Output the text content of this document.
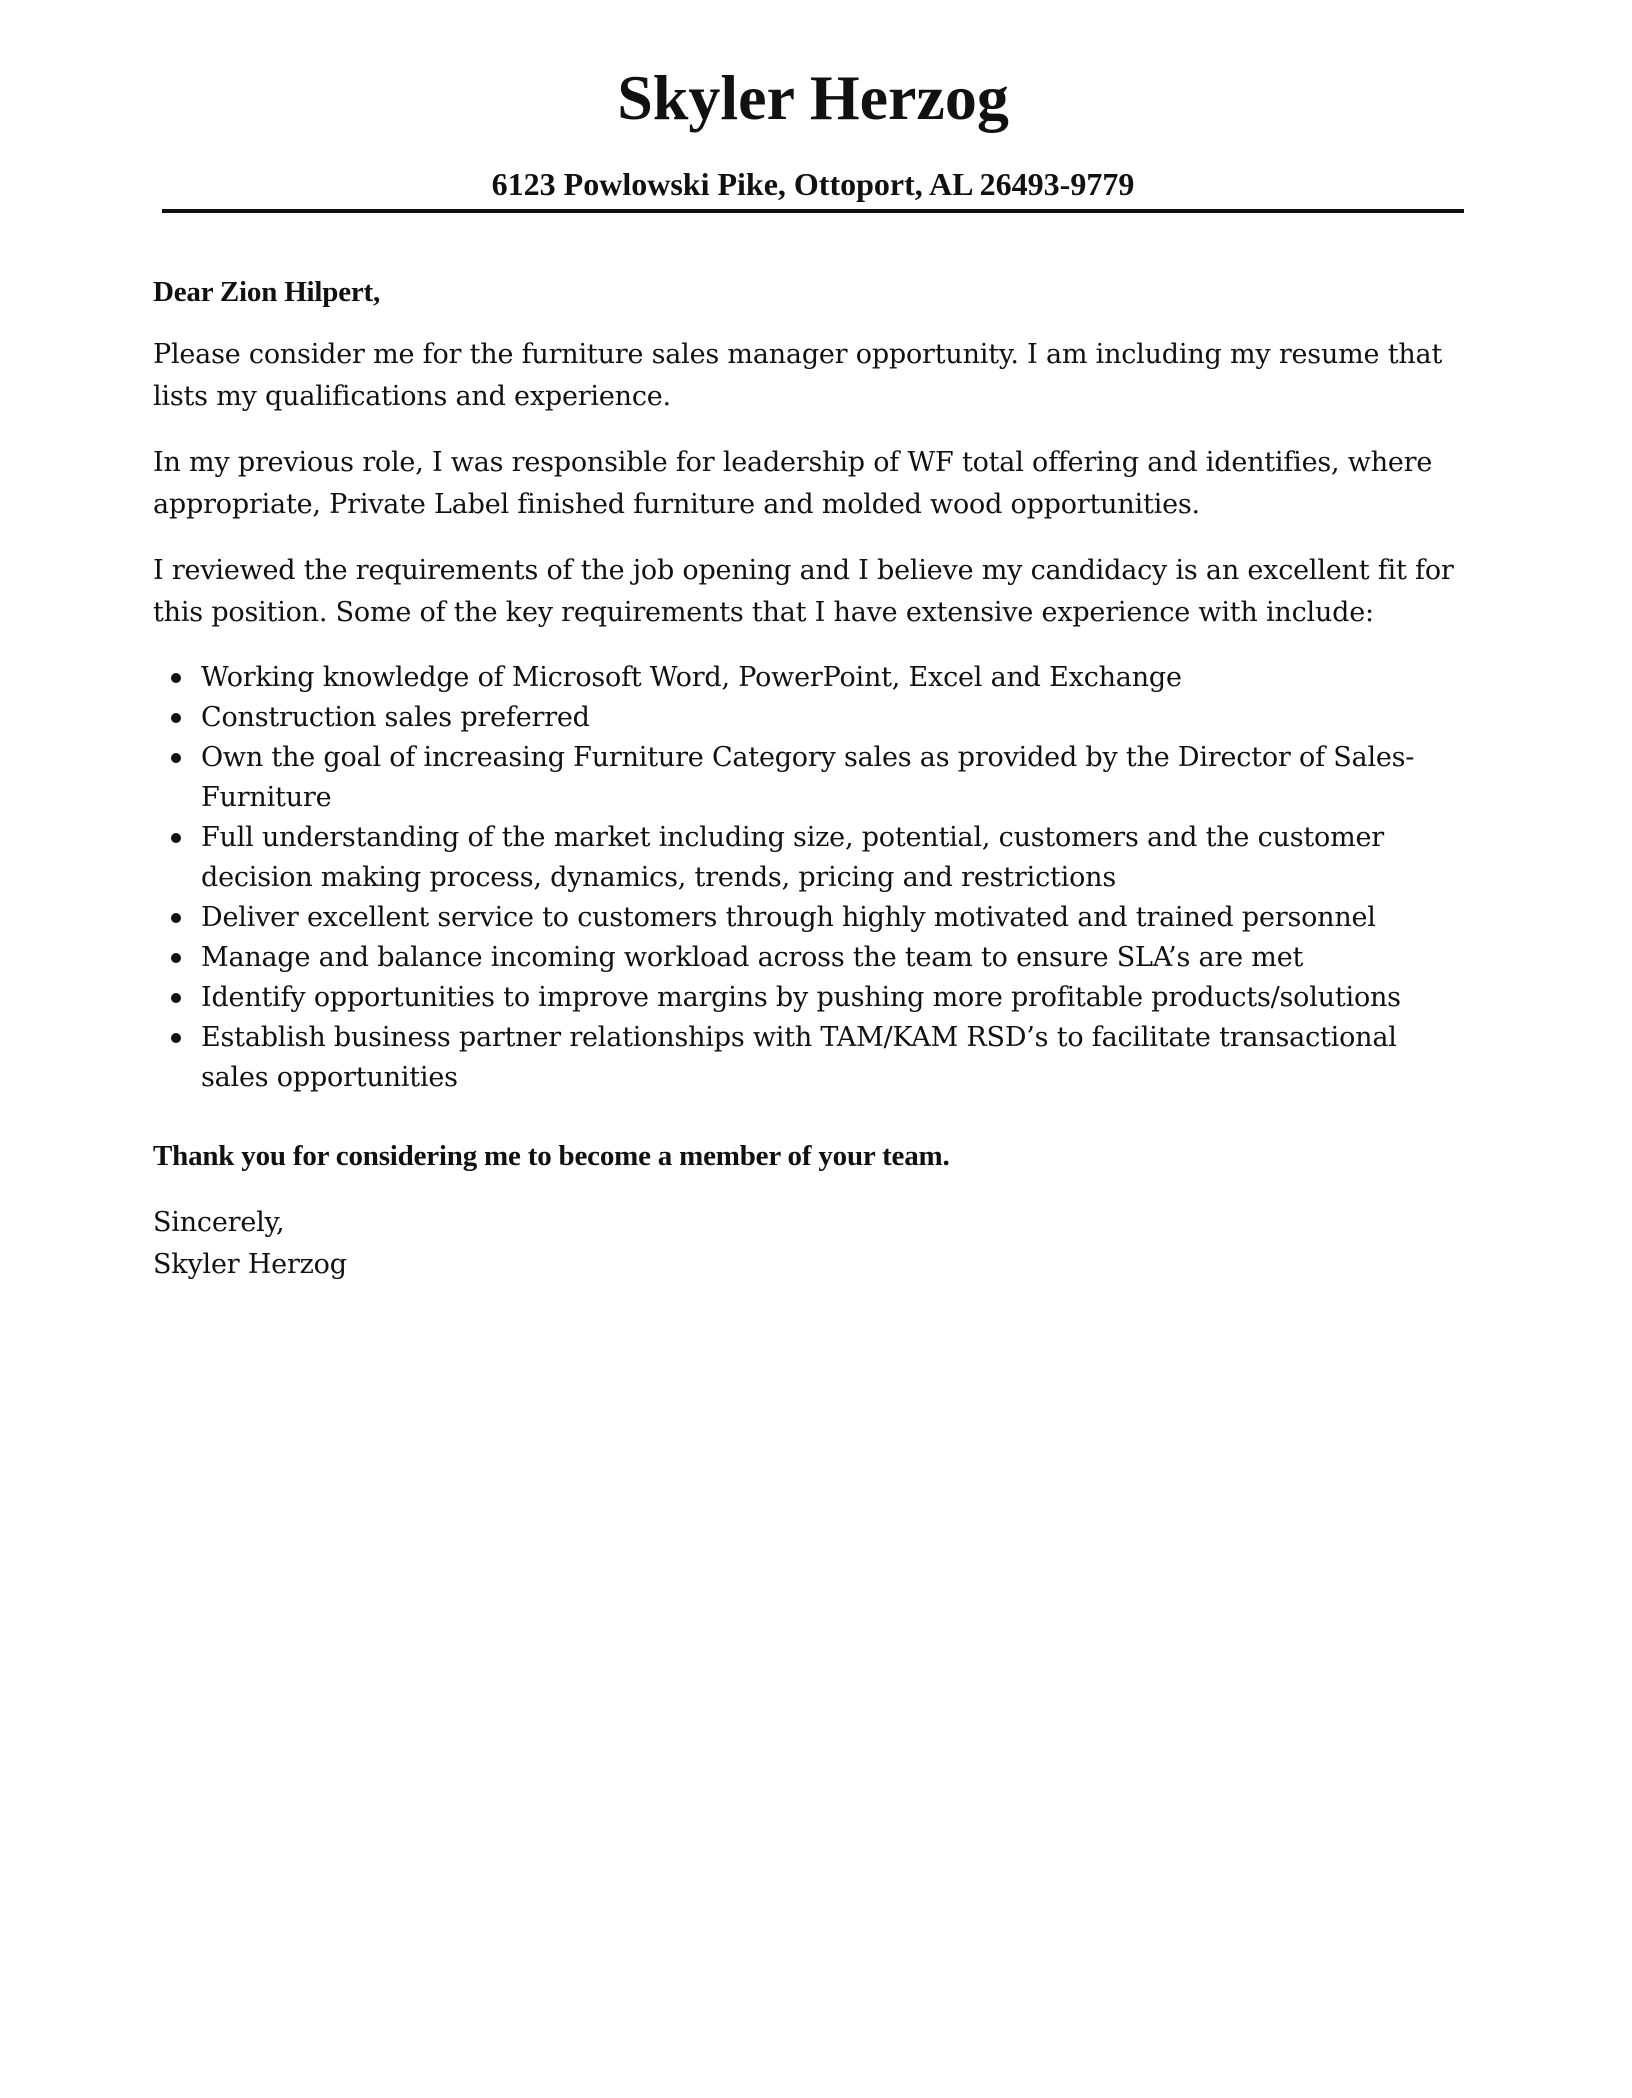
Skyler Herzog

6123 Powlowski Pike, Ottoport, AL 26493-9779

Dear Zion Hilpert,

Please consider me for the furniture sales manager opportunity. I am including my resume that lists my qualifications and experience.

In my previous role, I was responsible for leadership of WF total offering and identifies, where appropriate, Private Label finished furniture and molded wood opportunities.

I reviewed the requirements of the job opening and I believe my candidacy is an excellent fit for this position. Some of the key requirements that I have extensive experience with include:

Working knowledge of Microsoft Word, PowerPoint, Excel and Exchange
Construction sales preferred
Own the goal of increasing Furniture Category sales as provided by the Director of Sales-Furniture
Full understanding of the market including size, potential, customers and the customer decision making process, dynamics, trends, pricing and restrictions
Deliver excellent service to customers through highly motivated and trained personnel
Manage and balance incoming workload across the team to ensure SLA’s are met
Identify opportunities to improve margins by pushing more profitable products/solutions
Establish business partner relationships with TAM/KAM RSD’s to facilitate transactional sales opportunities

Thank you for considering me to become a member of your team.

Sincerely,

Skyler Herzog
